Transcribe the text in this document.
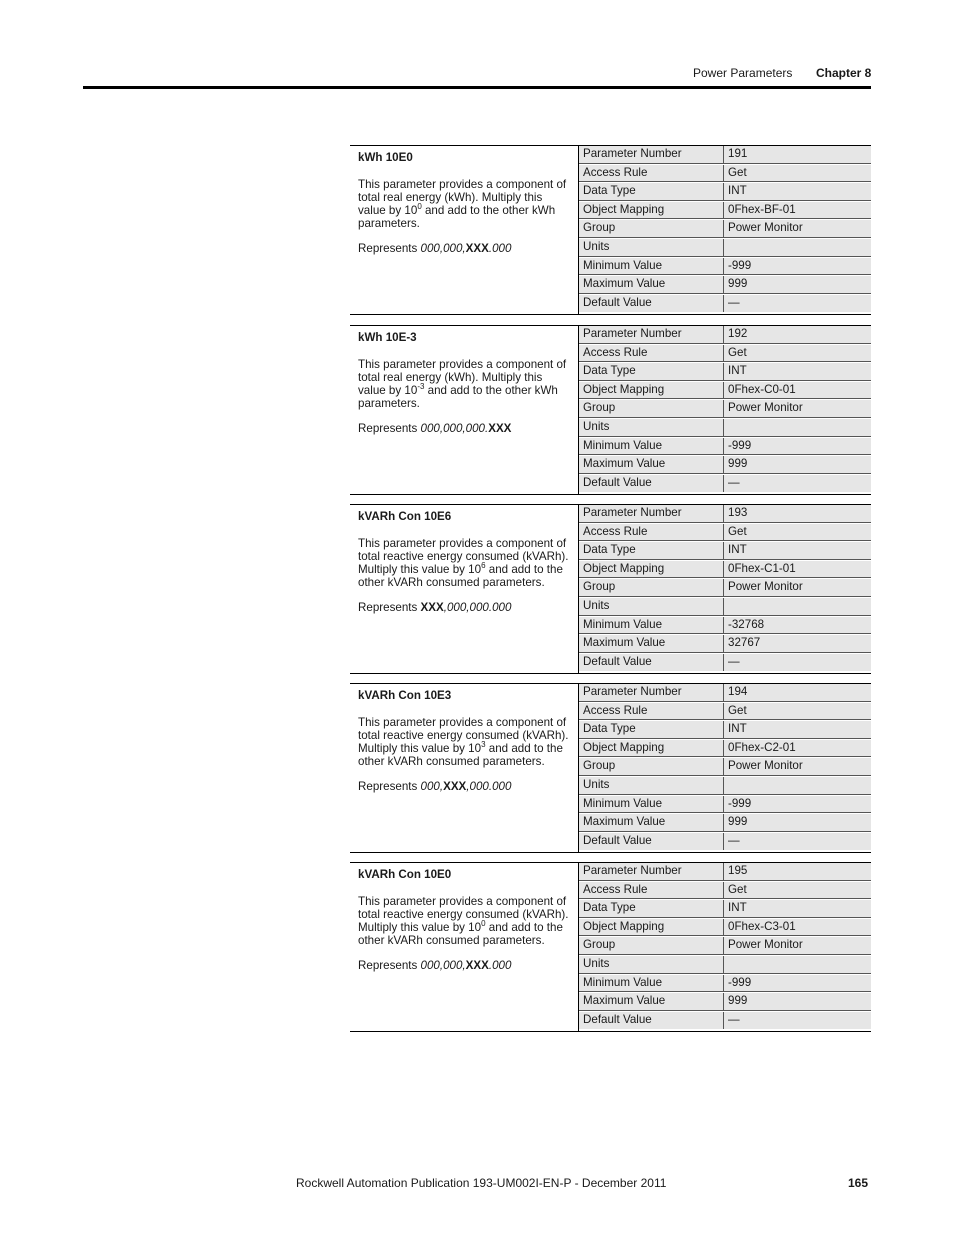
Power Parameters Chapter 8
kWh 10E0
This parameter provides a component of total real energy (kWh). Multiply this value by $10^0$ and add to the other kWh parameters.
Represents 000,000,XXX.000
Parameter Number	191
Access Rule	Get
Data Type	INT
Object Mapping	0Fhex-BF-01
Group	Power Monitor
Units
Minimum Value	-999
Maximum Value	999
Default Value	—
kWh 10E-3
This parameter provides a component of total real energy (kWh). Multiply this value by $10^{-3}$ and add to the other kWh parameters.
Represents 000,000,000.XXX
Parameter Number	192
Access Rule	Get
Data Type	INT
Object Mapping	0Fhex-C0-01
Group	Power Monitor
Units
Minimum Value	-999
Maximum Value	999
Default Value	—
kVARh Con 10E6
This parameter provides a component of total reactive energy consumed (kVARh). Multiply this value by $10^6$ and add to the other kVARh consumed parameters.
Represents XXX,000,000.000
Parameter Number	193
Access Rule	Get
Data Type	INT
Object Mapping	0Fhex-C1-01
Group	Power Monitor
Units
Minimum Value	-32768
Maximum Value	32767
Default Value	—
kVARh Con 10E3
This parameter provides a component of total reactive energy consumed (kVARh). Multiply this value by $10^3$ and add to the other kVARh consumed parameters.
Represents 000,XXX,000.000
Parameter Number	194
Access Rule	Get
Data Type	INT
Object Mapping	0Fhex-C2-01
Group	Power Monitor
Units
Minimum Value	-999
Maximum Value	999
Default Value	—
kVARh Con 10E0
This parameter provides a component of total reactive energy consumed (kVARh). Multiply this value by $10^0$ and add to the other kVARh consumed parameters.
Represents 000,000,XXX.000
Parameter Number	195
Access Rule	Get
Data Type	INT
Object Mapping	0Fhex-C3-01
Group	Power Monitor
Units
Minimum Value	-999
Maximum Value	999
Default Value	—
Rockwell Automation Publication 193-UM002I-EN-P - December 2011	165
